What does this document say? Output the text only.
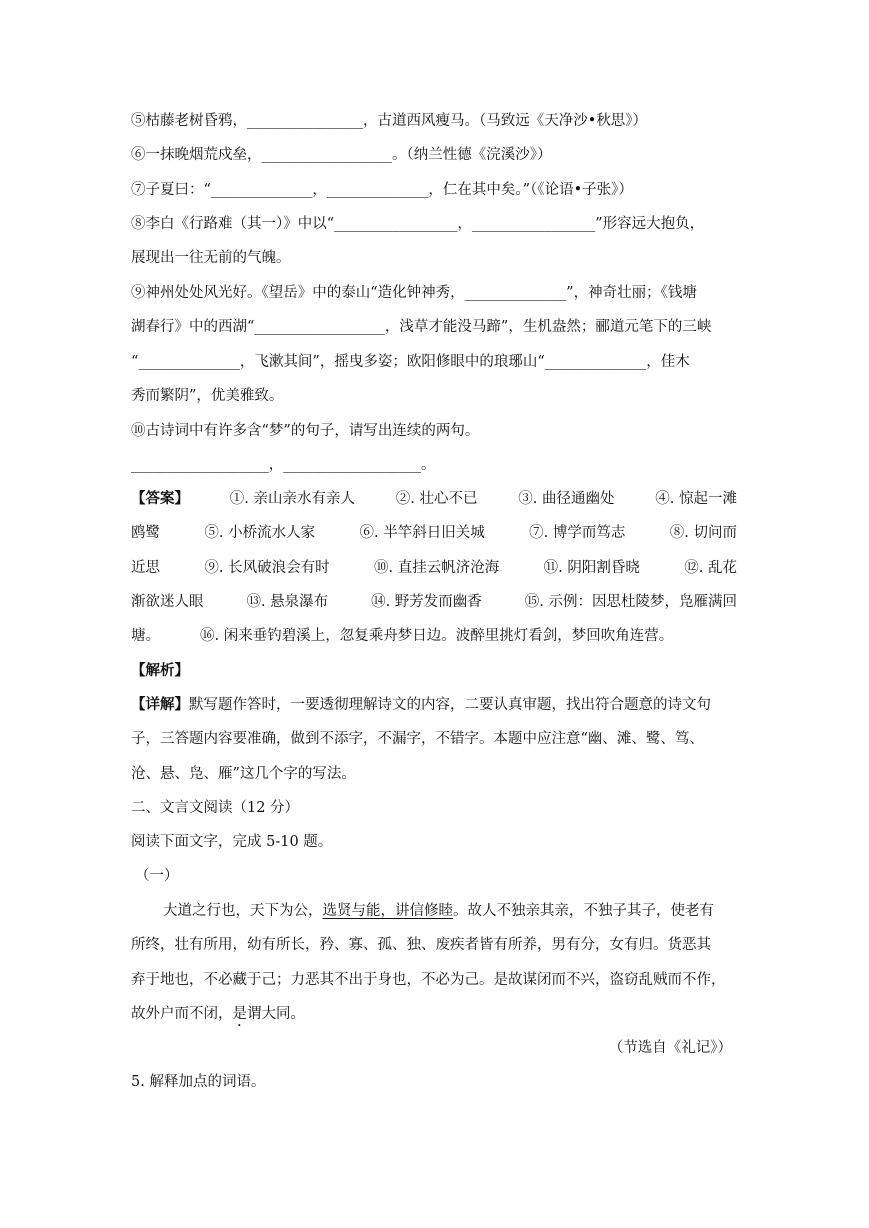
⑤枯藤老树昏鸦，________________，古道西风瘦马。（马致远《天净沙•秋思》）
⑥一抹晚烟荒戍垒，__________________。（纳兰性德《浣溪沙》）
⑦子夏曰：“______________，______________，仁在其中矣。”（《论语•子张》）
⑧李白《行路难（其一）》中以“_________________，_________________”形容远大抱负，
展现出一往无前的气魄。
⑨神州处处风光好。《望岳》中的泰山“造化钟神秀，______________”，神奇壮丽；《钱塘
湖春行》中的西湖“__________________，浅草才能没马蹄”，生机盎然；郦道元笔下的三峡
“______________，飞漱其间”，摇曳多姿；欧阳修眼中的琅琊山“______________，佳木
秀而繁阴”，优美雅致。
⑩古诗词中有许多含“梦”的句子，请写出连续的两句。
___________________，___________________。
【答案】	①. 亲山亲水有亲人	②. 壮心不已	③. 曲径通幽处	④. 惊起一滩
鸥鹭	⑤. 小桥流水人家	⑥. 半竿斜日旧关城	⑦. 博学而笃志	⑧. 切问而
近思	⑨. 长风破浪会有时	⑩. 直挂云帆济沧海	⑪. 阴阳割昏晓	⑫. 乱花
渐欲迷人眼	⑬. 悬泉瀑布	⑭. 野芳发而幽香	⑮. 示例：因思杜陵梦，凫雁满回
塘。	⑯. 闲来垂钓碧溪上，忽复乘舟梦日边。波醉里挑灯看剑，梦回吹角连营。
【解析】
【详解】默写题作答时，一要透彻理解诗文的内容，二要认真审题，找出符合题意的诗文句
子，三答题内容要准确，做到不添字，不漏字，不错字。本题中应注意“幽、滩、鹭、笃、
沧、悬、凫、雁”这几个字的写法。
二、文言文阅读（12 分）
阅读下面文字，完成 5-10 题。
（一）
大道之行也，天下为公，选贤与能，讲信修睦。故人不独亲其亲，不独子其子，使老有
所终，壮有所用，幼有所长，矜、寡、孤、独、废疾者皆有所养，男有分，女有归。货恶其
弃于地也，不必藏于己；力恶其不出于身也，不必为己。是故谋闭而不兴，盗窃乱贼而不作，
故外户而不闭，是谓大同。
（节选自《礼记》）
5. 解释加点的词语。
